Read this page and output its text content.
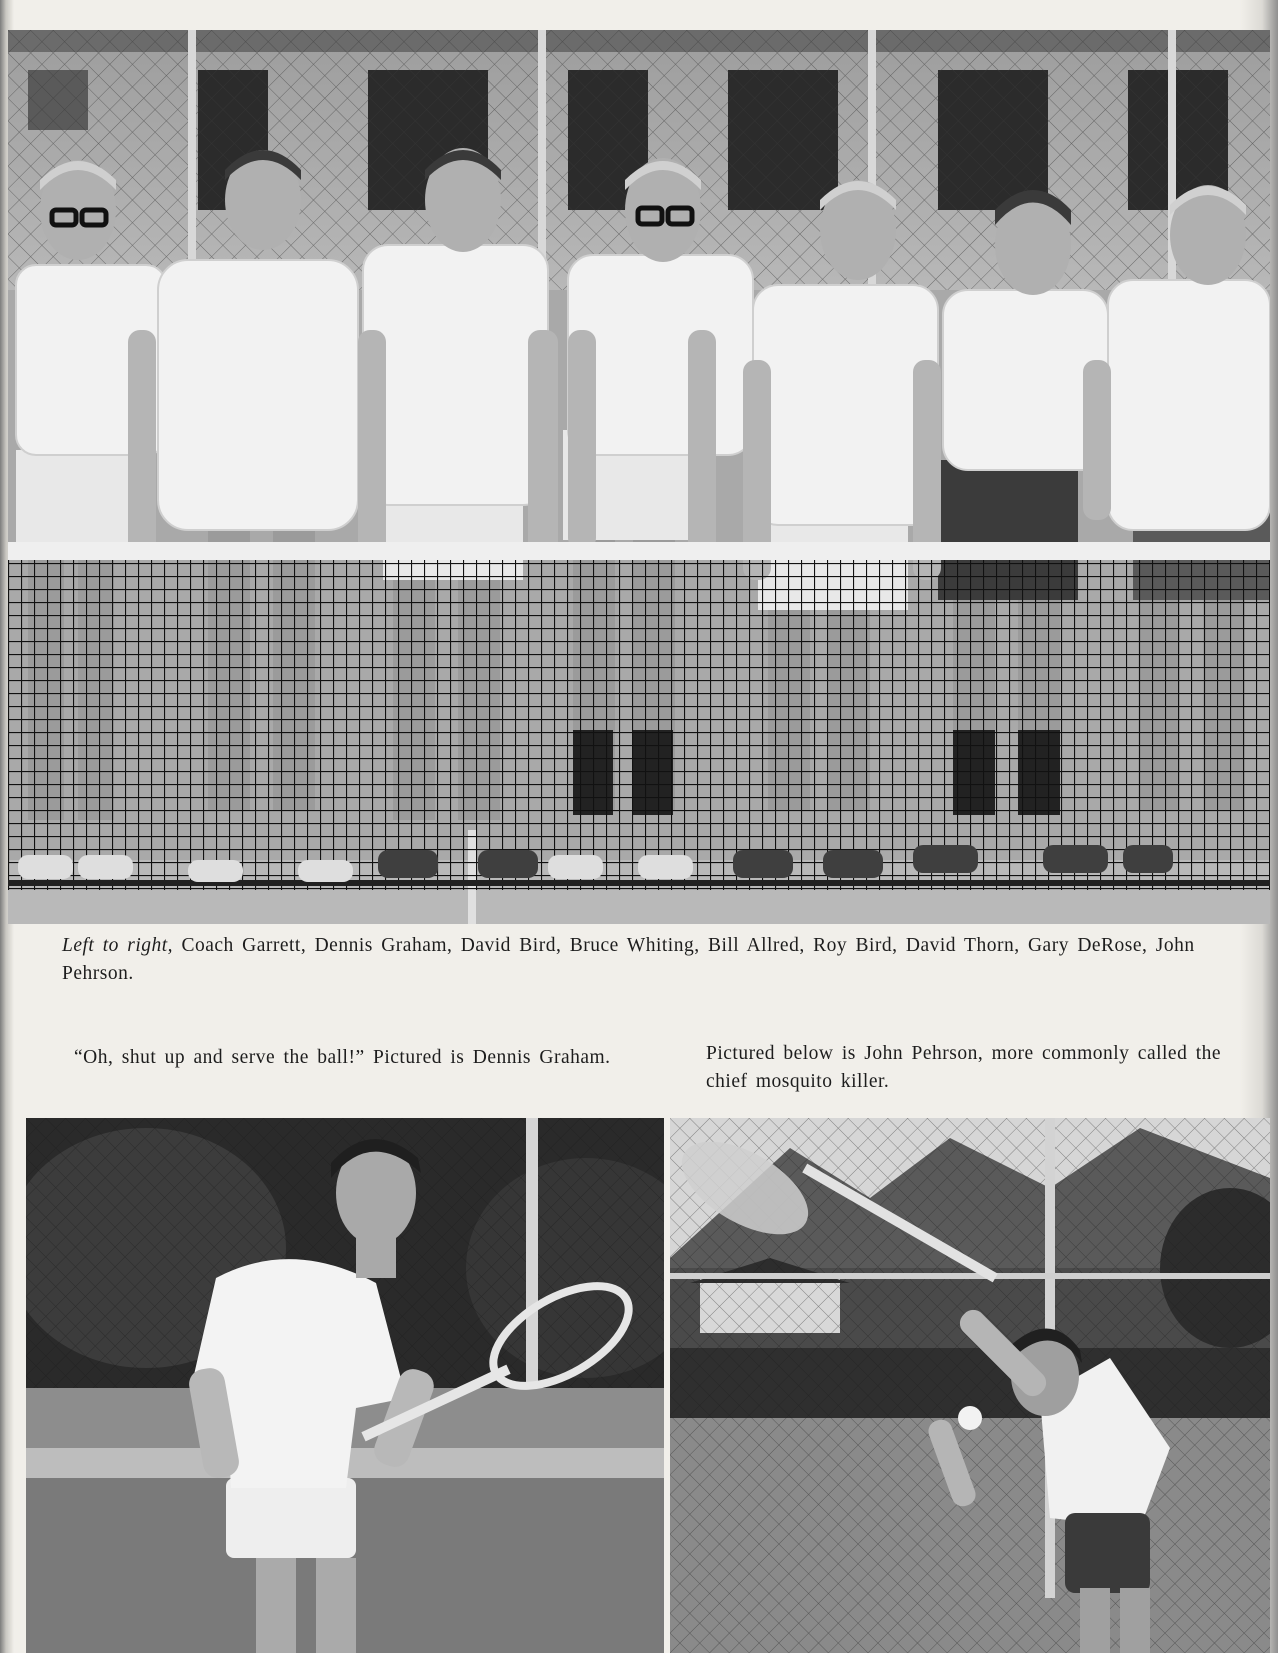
Left to right, Coach Garrett, Dennis Graham, David Bird, Bruce Whiting, Bill Allred, Roy Bird, David Thorn, Gary DeRose, John Pehrson.

“Oh, shut up and serve the ball!” Pictured is Dennis Graham.	Pictured below is John Pehrson, more commonly called the chief mosquito killer.
